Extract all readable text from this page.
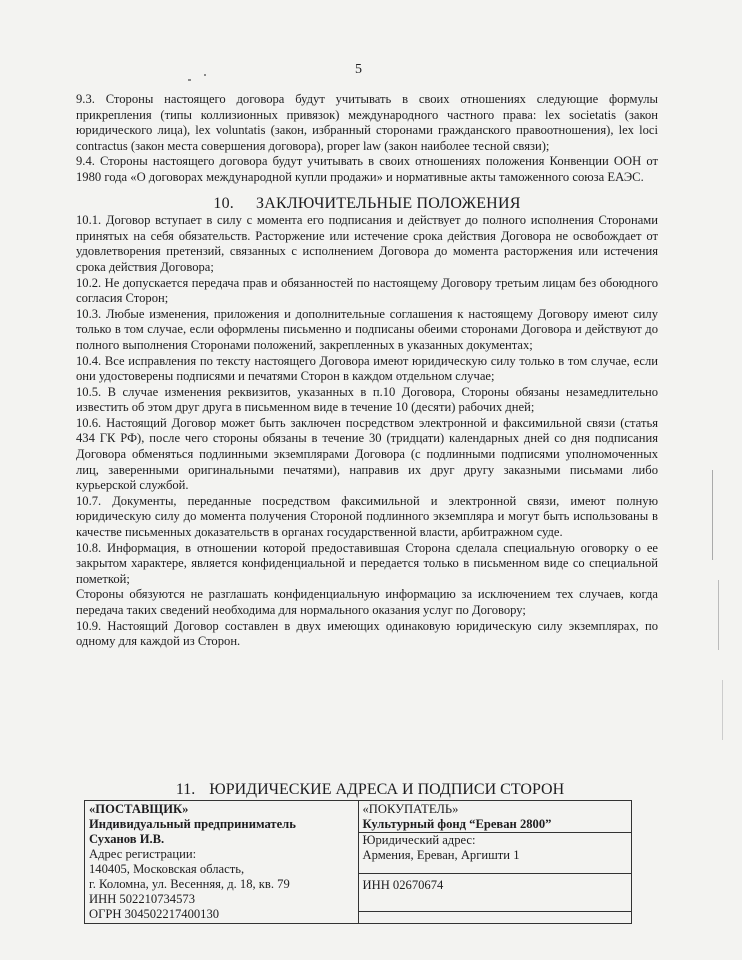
5

9.3. Стороны настоящего договора будут учитывать в своих отношениях следующие формулы прикрепления (типы коллизионных привязок) международного частного права: lex societatis (закон юридического лица), lex voluntatis (закон, избранный сторонами гражданского правоотношения), lex loci contractus (закон места совершения договора), proper law (закон наиболее тесной связи);

9.4. Стороны настоящего договора будут учитывать в своих отношениях положения Конвенции ООН от 1980 года «О договорах международной купли продажи» и нормативные акты таможенного союза ЕАЭС.

10. ЗАКЛЮЧИТЕЛЬНЫЕ ПОЛОЖЕНИЯ

10.1. Договор вступает в силу с момента его подписания и действует до полного исполнения Сторонами принятых на себя обязательств. Расторжение или истечение срока действия Договора не освобождает от удовлетворения претензий, связанных с исполнением Договора до момента расторжения или истечения срока действия Договора;

10.2. Не допускается передача прав и обязанностей по настоящему Договору третьим лицам без обоюдного согласия Сторон;

10.3. Любые изменения, приложения и дополнительные соглашения к настоящему Договору имеют силу только в том случае, если оформлены письменно и подписаны обеими сторонами Договора и действуют до полного выполнения Сторонами положений, закрепленных в указанных документах;

10.4. Все исправления по тексту настоящего Договора имеют юридическую силу только в том случае, если они удостоверены подписями и печатями Сторон в каждом отдельном случае;

10.5. В случае изменения реквизитов, указанных в п.10 Договора, Стороны обязаны незамедлительно известить об этом друг друга в письменном виде в течение 10 (десяти) рабочих дней;

10.6. Настоящий Договор может быть заключен посредством электронной и факсимильной связи (статья 434 ГК РФ), после чего стороны обязаны в течение 30 (тридцати) календарных дней со дня подписания Договора обменяться подлинными экземплярами Договора (с подлинными подписями уполномоченных лиц, заверенными оригинальными печатями), направив их друг другу заказными письмами либо курьерской службой.

10.7. Документы, переданные посредством факсимильной и электронной связи, имеют полную юридическую силу до момента получения Стороной подлинного экземпляра и могут быть использованы в качестве письменных доказательств в органах государственной власти, арбитражном суде.

10.8. Информация, в отношении которой предоставившая Сторона сделала специальную оговорку о ее закрытом характере, является конфиденциальной и передается только в письменном виде со специальной пометкой;

Стороны обязуются не разглашать конфиденциальную информацию за исключением тех случаев, когда передача таких сведений необходима для нормального оказания услуг по Договору;

10.9. Настоящий Договор составлен в двух имеющих одинаковую юридическую силу экземплярах, по одному для каждой из Сторон.

11. ЮРИДИЧЕСКИЕ АДРЕСА И ПОДПИСИ СТОРОН
«ПОСТАВЩИК»
Индивидуальный предприниматель
Суханов И.В.
Адрес регистрации:
140405, Московская область,
г. Коломна, ул. Весенняя, д. 18, кв. 79
ИНН 502210734573
ОГРН 304502217400130

«ПОКУПАТЕЛЬ»
Культурный фонд “Ереван 2800”
Юридический адрес:
Армения, Ереван, Аргишти 1
ИНН 02670674
